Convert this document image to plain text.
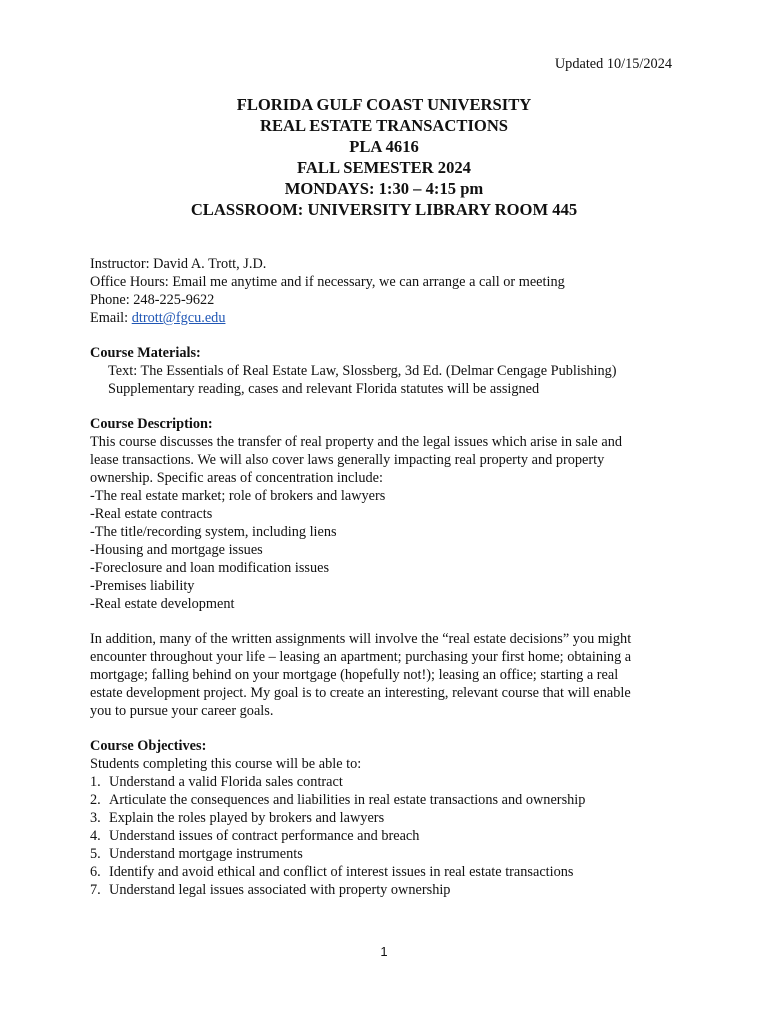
Updated 10/15/2024
FLORIDA GULF COAST UNIVERSITY
REAL ESTATE TRANSACTIONS
PLA 4616
FALL SEMESTER 2024
MONDAYS: 1:30 – 4:15 pm
CLASSROOM: UNIVERSITY LIBRARY ROOM 445
Instructor: David A. Trott, J.D.
Office Hours: Email me anytime and if necessary, we can arrange a call or meeting
Phone: 248-225-9622
Email: dtrott@fgcu.edu
Course Materials:
Text: The Essentials of Real Estate Law, Slossberg, 3d Ed. (Delmar Cengage Publishing)
Supplementary reading, cases and relevant Florida statutes will be assigned
Course Description:
This course discusses the transfer of real property and the legal issues which arise in sale and
lease transactions. We will also cover laws generally impacting real property and property
ownership. Specific areas of concentration include:
-The real estate market; role of brokers and lawyers
-Real estate contracts
-The title/recording system, including liens
-Housing and mortgage issues
-Foreclosure and loan modification issues
-Premises liability
-Real estate development
In addition, many of the written assignments will involve the “real estate decisions” you might
encounter throughout your life – leasing an apartment; purchasing your first home; obtaining a
mortgage; falling behind on your mortgage (hopefully not!); leasing an office; starting a real
estate development project. My goal is to create an interesting, relevant course that will enable
you to pursue your career goals.
Course Objectives:
Students completing this course will be able to:
1. Understand a valid Florida sales contract
2. Articulate the consequences and liabilities in real estate transactions and ownership
3. Explain the roles played by brokers and lawyers
4. Understand issues of contract performance and breach
5. Understand mortgage instruments
6. Identify and avoid ethical and conflict of interest issues in real estate transactions
7. Understand legal issues associated with property ownership
1
